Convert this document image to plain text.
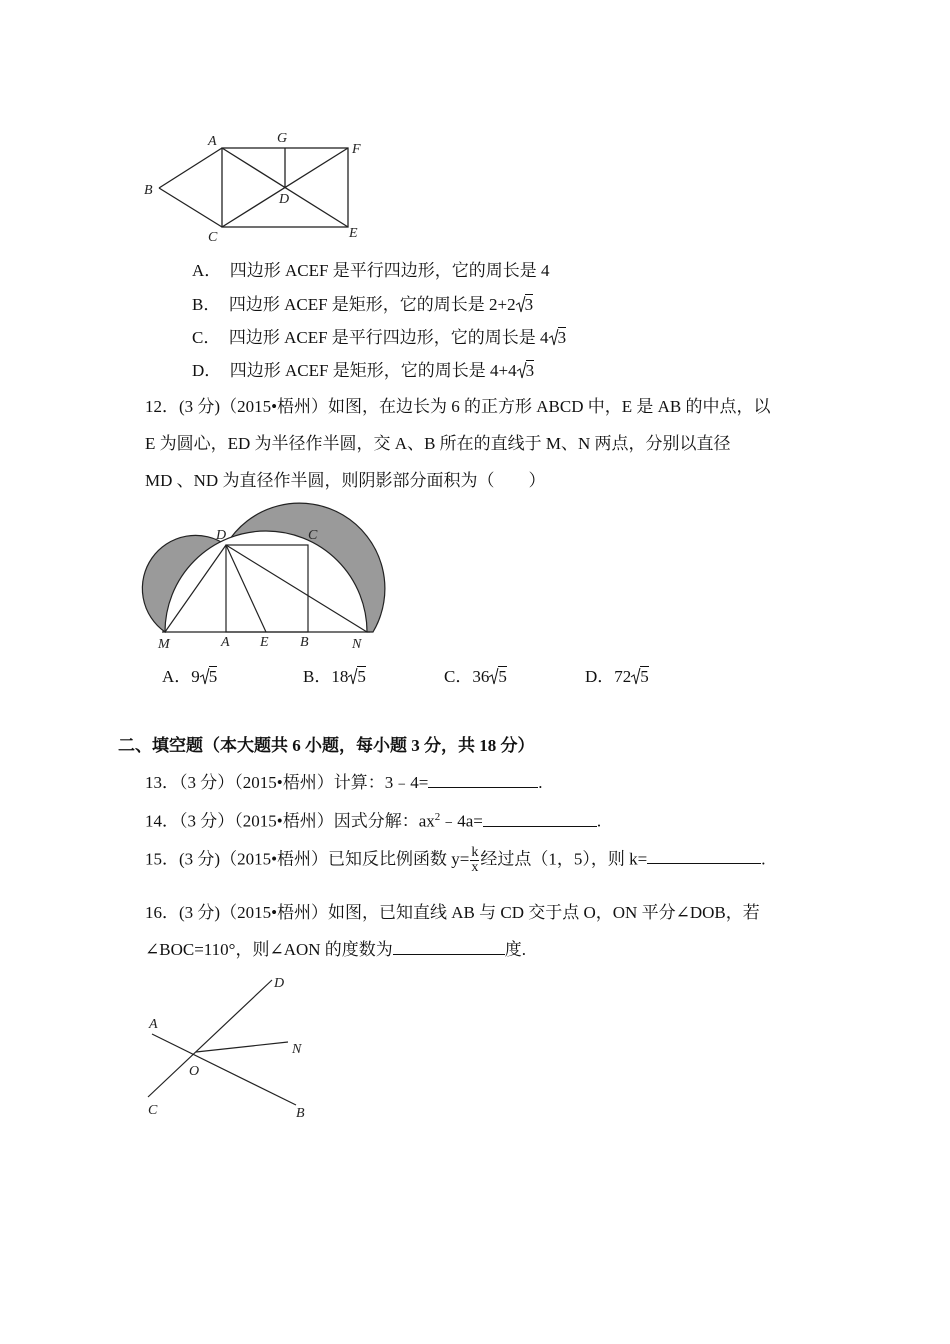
A	G
F
B
D
C	E
A． 四边形 ACEF 是平行四边形，它的周长是 4
B． 四边形 ACEF 是矩形，它的周长是 2+2 3
C． 四边形 ACEF 是平行四边形，它的周长是 4 3
D． 四边形 ACEF 是矩形，它的周长是 4+4 3
12．(3 分)（2015•梧州）如图，在边长为 6 的正方形 ABCD 中，E 是 AB 的中点，以
E 为圆心，ED 为半径作半圆，交 A、B 所在的直线于 M、N 两点，分别以直径
MD 、ND 为直径作半圆，则阴影部分面积为（　　）
D	C
M	A E B	N
A．9 5	B．18 5	C．36 5	D．72 5
二、填空题（本大题共 6 小题，每小题 3 分，共 18 分）
13．（3 分）（2015•梧州）计算：3﹣4=	.
14．（3 分）（2015•梧州）因式分解：$ax^2﹣4a=$	.
15．(3 分)（2015•梧州）已知反比例函数 $y= \frac{k}{x}$ 经过点（1，5），则 k=	.
16．(3 分)（2015•梧州）如图，已知直线 AB 与 CD 交于点 O，ON 平分∠DOB，若
∠BOC=110°，则∠AON 的度数为	度.
A
D
N
O
C	B
